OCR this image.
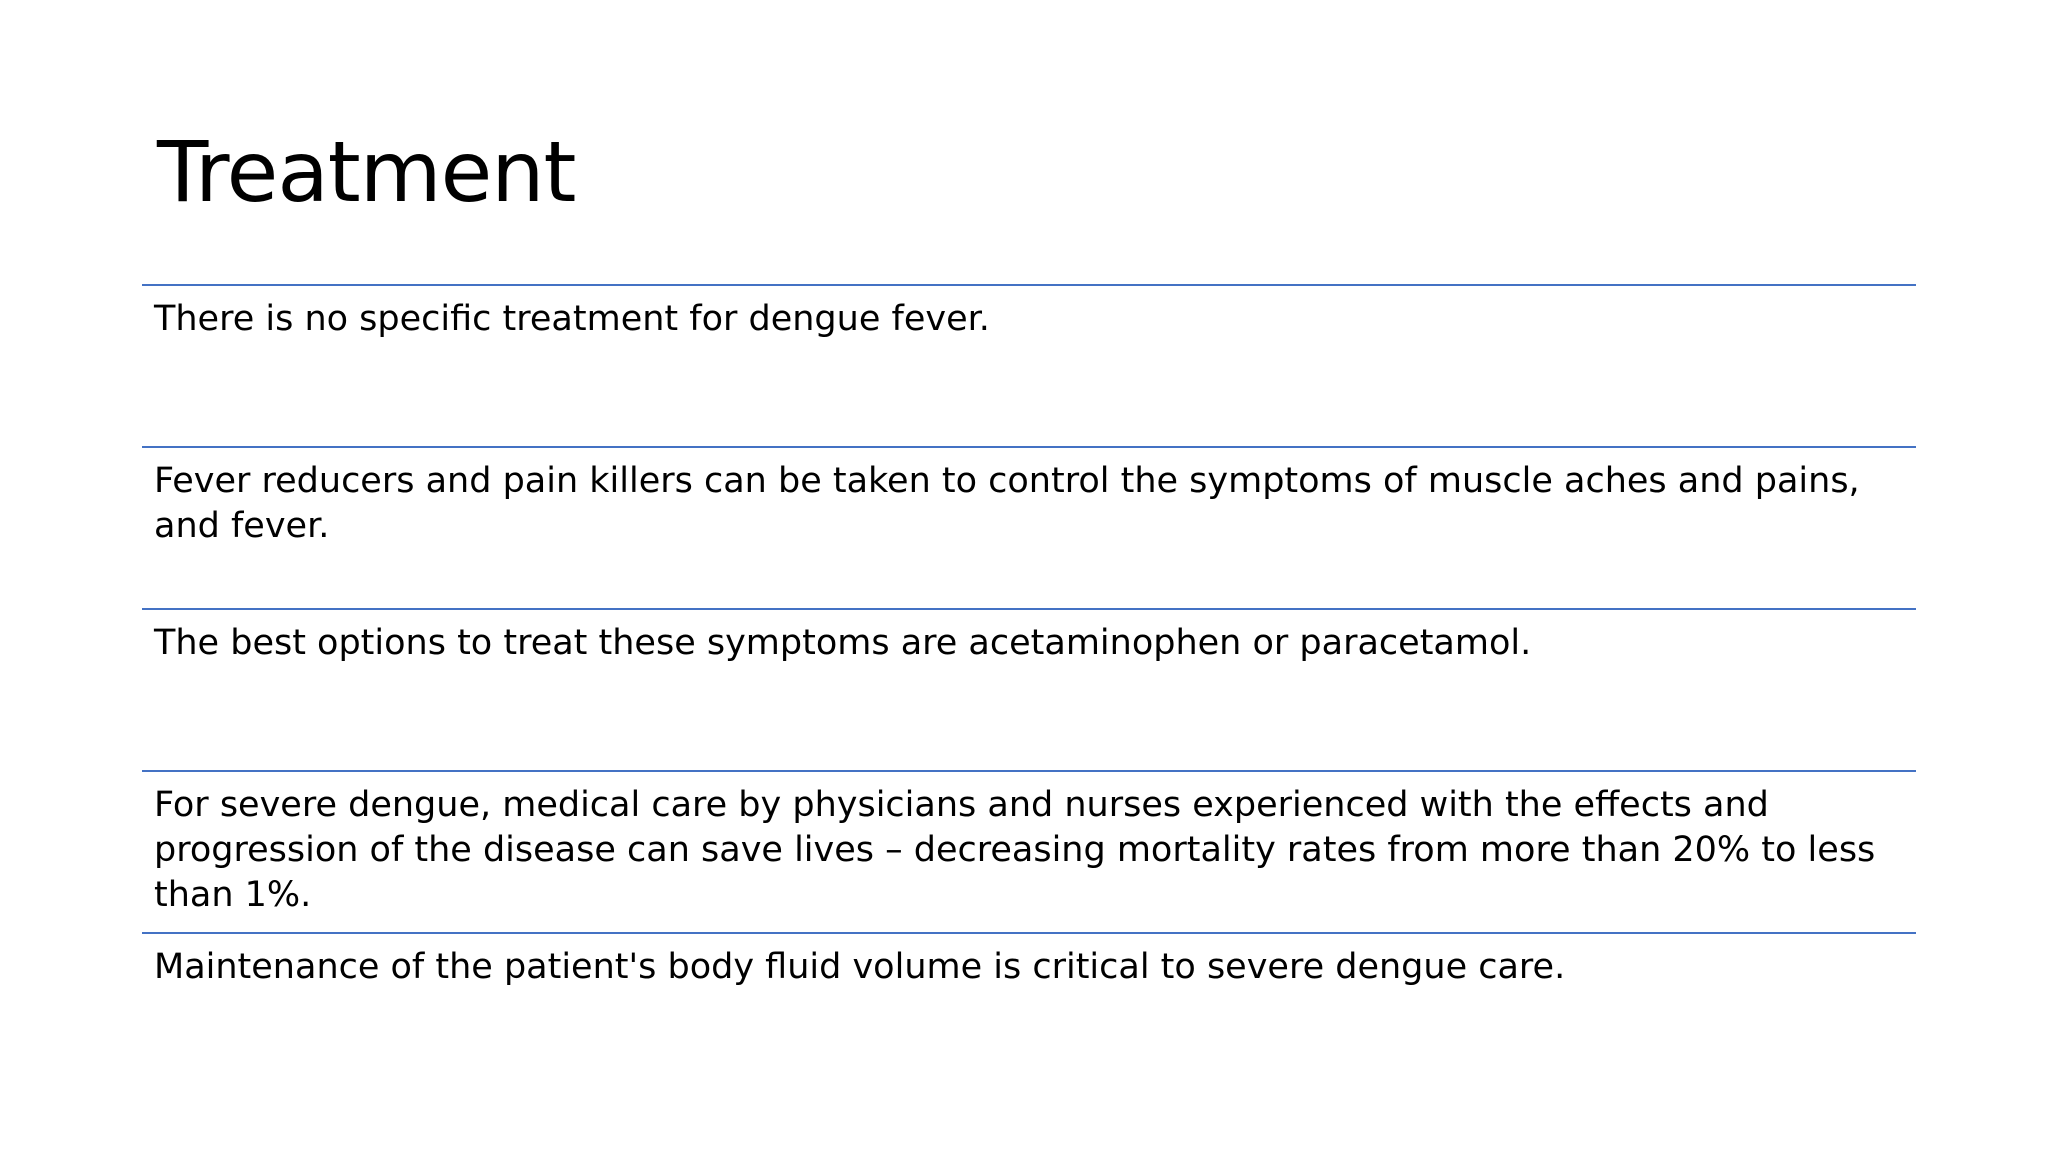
Treatment

There is no specific treatment for dengue fever.

Fever reducers and pain killers can be taken to control the symptoms of muscle aches and pains, and fever.

The best options to treat these symptoms are acetaminophen or paracetamol.

For severe dengue, medical care by physicians and nurses experienced with the effects and progression of the disease can save lives – decreasing mortality rates from more than 20% to less than 1%.

Maintenance of the patient's body fluid volume is critical to severe dengue care.
